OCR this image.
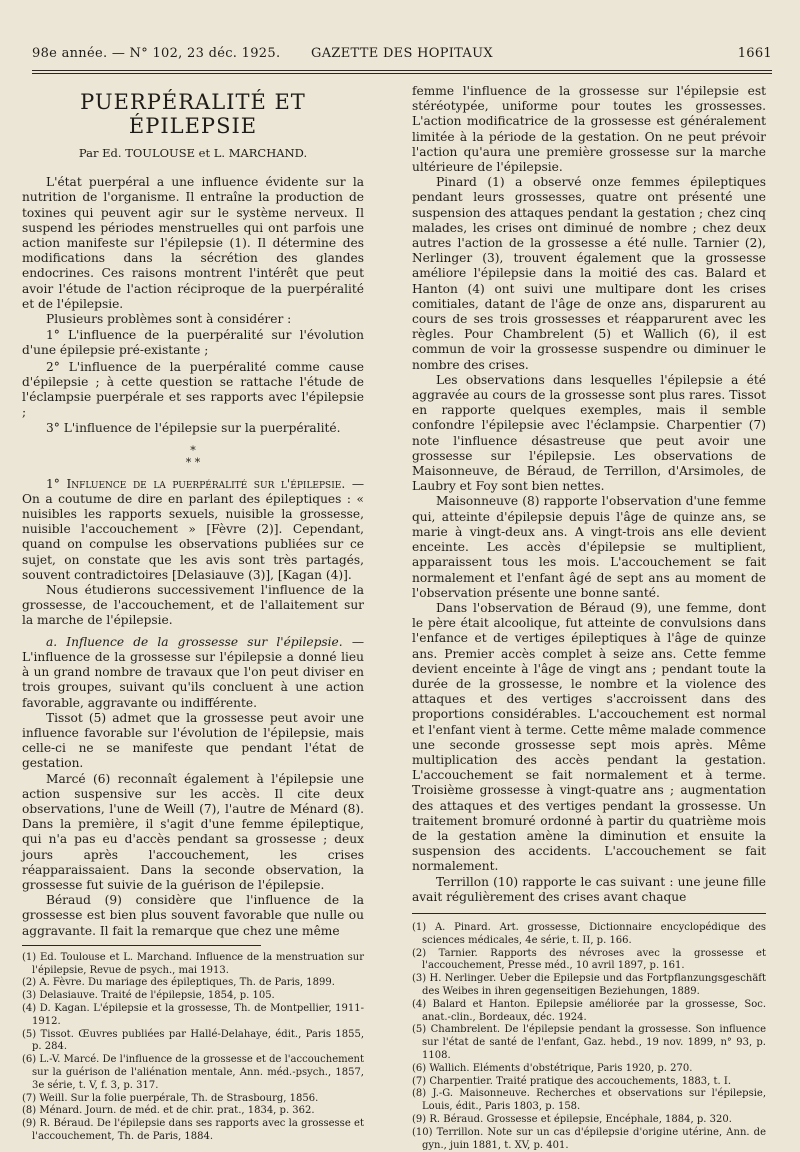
98e année. — N° 102, 23 déc. 1925.	GAZETTE DES HOPITAUX	1661
PUERPÉRALITÉ ET ÉPILEPSIE
Par Ed. TOULOUSE et L. MARCHAND.

L'état puerpéral a une influence évidente sur la nutrition de l'organisme. Il entraîne la production de toxines qui peuvent agir sur le système nerveux. Il suspend les périodes menstruelles qui ont parfois une action manifeste sur l'épilepsie (1). Il détermine des modifications dans la sécrétion des glandes endocrines. Ces raisons montrent l'intérêt que peut avoir l'étude de l'action réciproque de la puerpéralité et de l'épilepsie.

Plusieurs problèmes sont à considérer :

1° L'influence de la puerpéralité sur l'évolution d'une épilepsie pré-existante ;

2° L'influence de la puerpéralité comme cause d'épilepsie ; à cette question se rattache l'étude de l'éclampsie puerpérale et ses rapports avec l'épilepsie ;

3° L'influence de l'épilepsie sur la puerpéralité.

*
* *

1° Influence de la puerpéralité sur l'épilepsie. — On a coutume de dire en parlant des épileptiques : « nuisibles les rapports sexuels, nuisible la grossesse, nuisible l'accouchement » [Fèvre (2)]. Cependant, quand on compulse les observations publiées sur ce sujet, on constate que les avis sont très partagés, souvent contradictoires [Delasiauve (3)], [Kagan (4)].

Nous étudierons successivement l'influence de la grossesse, de l'accouchement, et de l'allaitement sur la marche de l'épilepsie.

a. Influence de la grossesse sur l'épilepsie. — L'influence de la grossesse sur l'épilepsie a donné lieu à un grand nombre de travaux que l'on peut diviser en trois groupes, suivant qu'ils concluent à une action favorable, aggravante ou indifférente.

Tissot (5) admet que la grossesse peut avoir une influence favorable sur l'évolution de l'épilepsie, mais celle-ci ne se manifeste que pendant l'état de gestation.

Marcé (6) reconnaît également à l'épilepsie une action suspensive sur les accès. Il cite deux observations, l'une de Weill (7), l'autre de Ménard (8). Dans la première, il s'agit d'une femme épileptique, qui n'a pas eu d'accès pendant sa grossesse ; deux jours après l'accouchement, les crises réapparaissaient. Dans la seconde observation, la grossesse fut suivie de la guérison de l'épilepsie.

Béraud (9) considère que l'influence de la grossesse est bien plus souvent favorable que nulle ou aggravante. Il fait la remarque que chez une même

(1) Ed. Toulouse et L. Marchand. Influence de la menstruation sur l'épilepsie, Revue de psych., mai 1913.

(2) A. Fèvre. Du mariage des épileptiques, Th. de Paris, 1899.

(3) Delasiauve. Traité de l'épilepsie, 1854, p. 105.

(4) D. Kagan. L'épilepsie et la grossesse, Th. de Montpellier, 1911-1912.

(5) Tissot. Œuvres publiées par Hallé-Delahaye, édit., Paris 1855, p. 284.

(6) L.-V. Marcé. De l'influence de la grossesse et de l'accouchement sur la guérison de l'aliénation mentale, Ann. méd.-psych., 1857, 3e série, t. V, f. 3, p. 317.

(7) Weill. Sur la folie puerpérale, Th. de Strasbourg, 1856.

(8) Ménard. Journ. de méd. et de chir. prat., 1834, p. 362.

(9) R. Béraud. De l'épilepsie dans ses rapports avec la grossesse et l'accouchement, Th. de Paris, 1884.

femme l'influence de la grossesse sur l'épilepsie est stéréotypée, uniforme pour toutes les grossesses. L'action modificatrice de la grossesse est généralement limitée à la période de la gestation. On ne peut prévoir l'action qu'aura une première grossesse sur la marche ultérieure de l'épilepsie.

Pinard (1) a observé onze femmes épileptiques pendant leurs grossesses, quatre ont présenté une suspension des attaques pendant la gestation ; chez cinq malades, les crises ont diminué de nombre ; chez deux autres l'action de la grossesse a été nulle. Tarnier (2), Nerlinger (3), trouvent également que la grossesse améliore l'épilepsie dans la moitié des cas. Balard et Hanton (4) ont suivi une multipare dont les crises comitiales, datant de l'âge de onze ans, disparurent au cours de ses trois grossesses et réapparurent avec les règles. Pour Chambrelent (5) et Wallich (6), il est commun de voir la grossesse suspendre ou diminuer le nombre des crises.

Les observations dans lesquelles l'épilepsie a été aggravée au cours de la grossesse sont plus rares. Tissot en rapporte quelques exemples, mais il semble confondre l'épilepsie avec l'éclampsie. Charpentier (7) note l'influence désastreuse que peut avoir une grossesse sur l'épilepsie. Les observations de Maisonneuve, de Béraud, de Terrillon, d'Arsimoles, de Laubry et Foy sont bien nettes.

Maisonneuve (8) rapporte l'observation d'une femme qui, atteinte d'épilepsie depuis l'âge de quinze ans, se marie à vingt-deux ans. A vingt-trois ans elle devient enceinte. Les accès d'épilepsie se multiplient, apparaissent tous les mois. L'accouchement se fait normalement et l'enfant âgé de sept ans au moment de l'observation présente une bonne santé.

Dans l'observation de Béraud (9), une femme, dont le père était alcoolique, fut atteinte de convulsions dans l'enfance et de vertiges épileptiques à l'âge de quinze ans. Premier accès complet à seize ans. Cette femme devient enceinte à l'âge de vingt ans ; pendant toute la durée de la grossesse, le nombre et la violence des attaques et des vertiges s'accroissent dans des proportions considérables. L'accouchement est normal et l'enfant vient à terme. Cette même malade commence une seconde grossesse sept mois après. Même multiplication des accès pendant la gestation. L'accouchement se fait normalement et à terme. Troisième grossesse à vingt-quatre ans ; augmentation des attaques et des vertiges pendant la grossesse. Un traitement bromuré ordonné à partir du quatrième mois de la gestation amène la diminution et ensuite la suspension des accidents. L'accouchement se fait normalement.

Terrillon (10) rapporte le cas suivant : une jeune fille avait régulièrement des crises avant chaque

(1) A. Pinard. Art. grossesse, Dictionnaire encyclopédique des sciences médicales, 4e série, t. II, p. 166.

(2) Tarnier. Rapports des névroses avec la grossesse et l'accouchement, Presse méd., 10 avril 1897, p. 161.

(3) H. Nerlinger. Ueber die Epilepsie und das Fortpflanzungsgeschäft des Weibes in ihren gegenseitigen Beziehungen, 1889.

(4) Balard et Hanton. Epilepsie améliorée par la grossesse, Soc. anat.-clin., Bordeaux, déc. 1924.

(5) Chambrelent. De l'épilepsie pendant la grossesse. Son influence sur l'état de santé de l'enfant, Gaz. hebd., 19 nov. 1899, n° 93, p. 1108.

(6) Wallich. Eléments d'obstétrique, Paris 1920, p. 270.

(7) Charpentier. Traité pratique des accouchements, 1883, t. I.

(8) J.-G. Maisonneuve. Recherches et observations sur l'épilepsie, Louis, édit., Paris 1803, p. 158.

(9) R. Béraud. Grossesse et épilepsie, Encéphale, 1884, p. 320.

(10) Terrillon. Note sur un cas d'épilepsie d'origine utérine, Ann. de gyn., juin 1881, t. XV, p. 401.
